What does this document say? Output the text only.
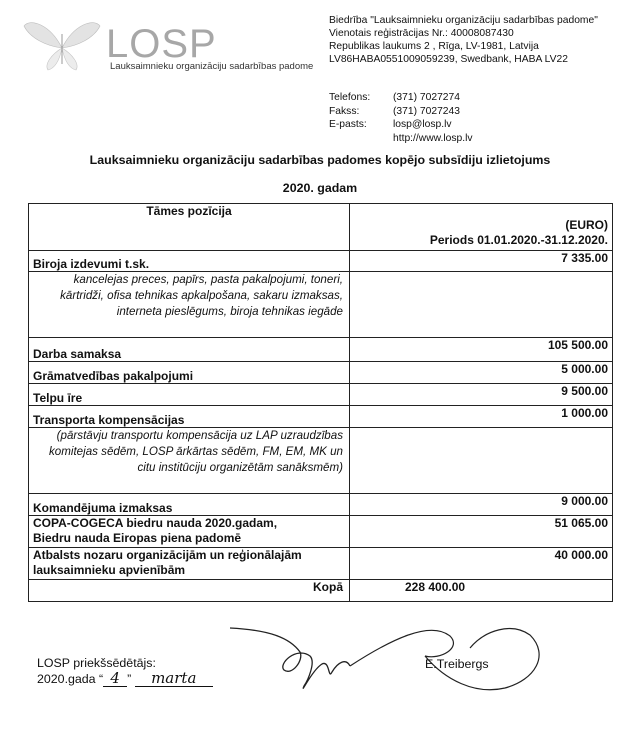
LOSP
Lauksaimnieku organizāciju sadarbības padome
Biedrība "Lauksaimnieku organizāciju sadarbības padome"
Vienotais reģistrācijas Nr.: 40008087430
Republikas laukums 2 , Rīga, LV-1981, Latvija
LV86HABA0551009059239, Swedbank, HABA LV22
Telefons:	(371) 7027274
Fakss:	(371) 7027243
E-pasts:	losp@losp.lv
http://www.losp.lv
Lauksaimnieku organizāciju sadarbības padomes kopējo subsīdiju izlietojums
2020. gadam
Tāmes pozīcija	(EURO)
Periods 01.01.2020.-31.12.2020.

Biroja izdevumi t.sk.	7 335.00
kancelejas preces, papīrs, pasta pakalpojumi, toneri, kārtridži, ofisa tehnikas apkalpošana, sakaru izmaksas, interneta pieslēgums, biroja tehnikas iegāde	
Darba samaksa	105 500.00
Grāmatvedības pakalpojumi	5 000.00
Telpu īre	9 500.00
Transporta kompensācijas	1 000.00
(pārstāvju transportu kompensācija uz LAP uzraudzības komitejas sēdēm, LOSP ārkārtas sēdēm, FM, EM, MK un citu institūciju organizētām sanāksmēm)	
Komandējuma izmaksas	9 000.00

COPA-COGECA biedru nauda 2020.gadam,
Biedru nauda Eiropas piena padomē	51 065.00

Atbalsts nozaru organizācijām un reģionālajām
lauksaimnieku apvienībām	40 000.00
Kopā	228 400.00
LOSP priekšsēdētājs:
2020.gada “ 4 ”	marta
E.Treibergs
